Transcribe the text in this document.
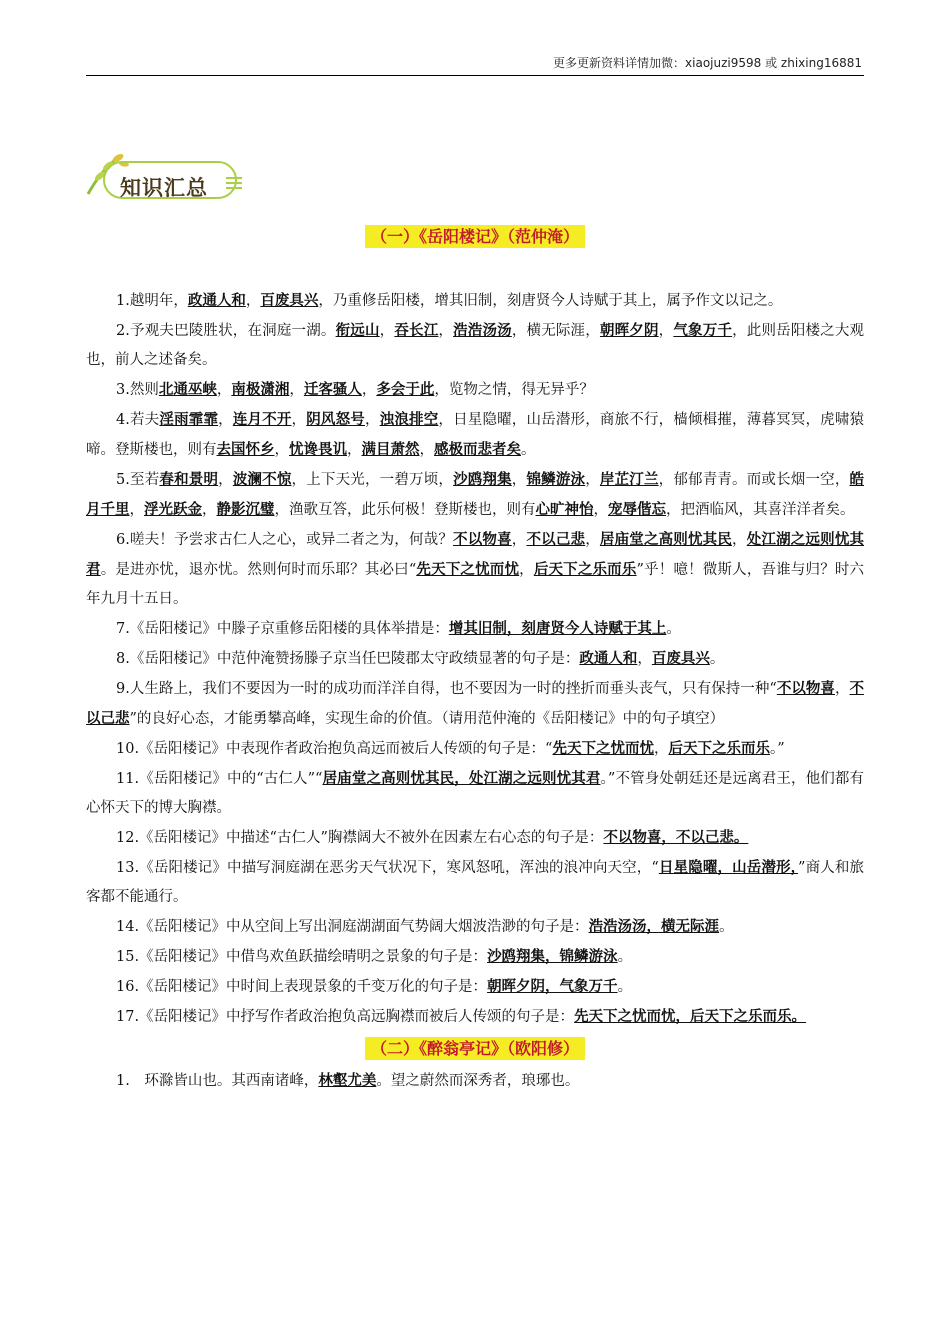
更多更新资料详情加微：xiaojuzi9598 或 zhixing16881
知识汇总
（一）《岳阳楼记》（范仲淹）

1.越明年，政通人和，百废具兴，乃重修岳阳楼，增其旧制，刻唐贤今人诗赋于其上，属予作文以记之。

2.予观夫巴陵胜状，在洞庭一湖。衔远山，吞长江，浩浩汤汤，横无际涯，朝晖夕阴，气象万千，此则岳阳楼之大观也，前人之述备矣。

3.然则北通巫峡，南极潇湘，迁客骚人，多会于此，览物之情，得无异乎？

4.若夫淫雨霏霏，连月不开，阴风怒号，浊浪排空，日星隐曜，山岳潜形，商旅不行，樯倾楫摧，薄暮冥冥，虎啸猿啼。登斯楼也，则有去国怀乡，忧谗畏讥，满目萧然，感极而悲者矣。

5.至若春和景明，波澜不惊，上下天光，一碧万顷，沙鸥翔集，锦鳞游泳，岸芷汀兰，郁郁青青。而或长烟一空，皓月千里，浮光跃金，静影沉璧，渔歌互答，此乐何极！登斯楼也，则有心旷神怡，宠辱偕忘，把酒临风，其喜洋洋者矣。

6.嗟夫！予尝求古仁人之心，或异二者之为，何哉？不以物喜，不以己悲，居庙堂之高则忧其民，处江湖之远则忧其君。是进亦忧，退亦忧。然则何时而乐耶？其必曰“先天下之忧而忧，后天下之乐而乐”乎！噫！微斯人，吾谁与归？时六年九月十五日。

7.《岳阳楼记》中滕子京重修岳阳楼的具体举措是：增其旧制，刻唐贤今人诗赋于其上。

8.《岳阳楼记》中范仲淹赞扬滕子京当任巴陵郡太守政绩显著的句子是：政通人和，百废具兴。

9.人生路上，我们不要因为一时的成功而洋洋自得，也不要因为一时的挫折而垂头丧气，只有保持一种“不以物喜，不以己悲”的良好心态，才能勇攀高峰，实现生命的价值。（请用范仲淹的《岳阳楼记》中的句子填空）

10.《岳阳楼记》中表现作者政治抱负高远而被后人传颂的句子是：“先天下之忧而忧，后天下之乐而乐。”

11.《岳阳楼记》中的“古仁人”“居庙堂之高则忧其民，处江湖之远则忧其君。”不管身处朝廷还是远离君王，他们都有心怀天下的博大胸襟。

12.《岳阳楼记》中描述“古仁人”胸襟阔大不被外在因素左右心态的句子是：不以物喜，不以己悲。

13.《岳阳楼记》中描写洞庭湖在恶劣天气状况下，寒风怒吼，浑浊的浪冲向天空，“日星隐曜，山岳潜形，”商人和旅客都不能通行。

14.《岳阳楼记》中从空间上写出洞庭湖湖面气势阔大烟波浩渺的句子是：浩浩汤汤，横无际涯。

15.《岳阳楼记》中借鸟欢鱼跃描绘晴明之景象的句子是：沙鸥翔集，锦鳞游泳。

16.《岳阳楼记》中时间上表现景象的千变万化的句子是：朝晖夕阴，气象万千。

17.《岳阳楼记》中抒写作者政治抱负高远胸襟而被后人传颂的句子是：先天下之忧而忧，后天下之乐而乐。

（二）《醉翁亭记》（欧阳修）

1.　环滁皆山也。其西南诸峰，林壑尤美。望之蔚然而深秀者，琅琊也。
